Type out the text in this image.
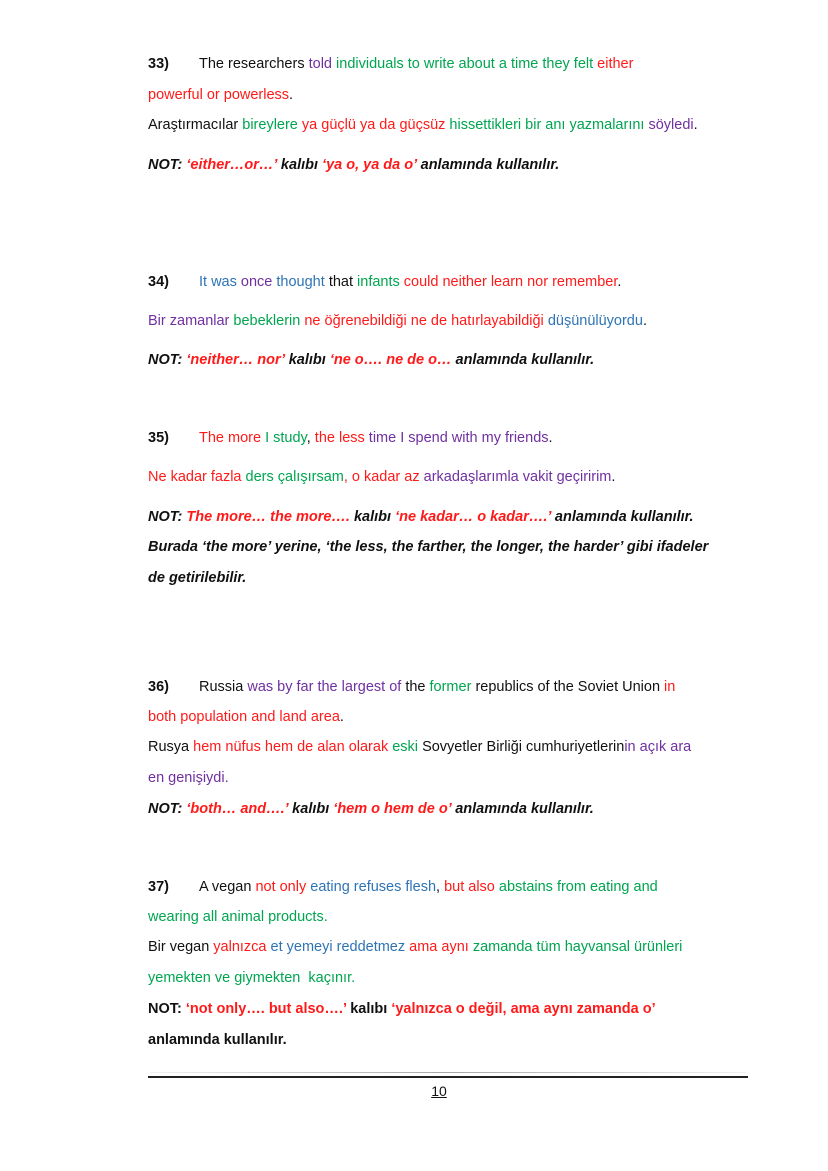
33) The researchers told individuals to write about a time they felt either
powerful or powerless.
Araştırmacılar bireylere ya güçlü ya da güçsüz hissettikleri bir anı yazmalarını söyledi.
NOT: ‘either…or…’ kalıbı ‘ya o, ya da o’ anlamında kullanılır.
34) It was once thought that infants could neither learn nor remember.
Bir zamanlar bebeklerin ne öğrenebildiği ne de hatırlayabildiği düşünülüyordu.
NOT: ‘neither… nor’ kalıbı ‘ne o…. ne de o… anlamında kullanılır.
35) The more I study, the less time I spend with my friends.
Ne kadar fazla ders çalışırsam, o kadar az arkadaşlarımla vakit geçiririm.
NOT: The more… the more…. kalıbı ‘ne kadar… o kadar….’ anlamında kullanılır.
Burada ‘the more’ yerine, ‘the less, the farther, the longer, the harder’ gibi ifadeler
de getirilebilir.
36) Russia was by far the largest of the former republics of the Soviet Union in
both population and land area.
Rusya hem nüfus hem de alan olarak eski Sovyetler Birliği cumhuriyetlerinin açık ara
en genişiydi.
NOT: ‘both… and….’ kalıbı ‘hem o hem de o’ anlamında kullanılır.
37) A vegan not only eating refuses flesh, but also abstains from eating and
wearing all animal products.
Bir vegan yalnızca et yemeyi reddetmez ama aynı zamanda tüm hayvansal ürünleri
yemekten ve giymekten  kaçınır.
NOT: ‘not only…. but also….’ kalıbı ‘yalnızca o değil, ama aynı zamanda o’
anlamında kullanılır.
10
